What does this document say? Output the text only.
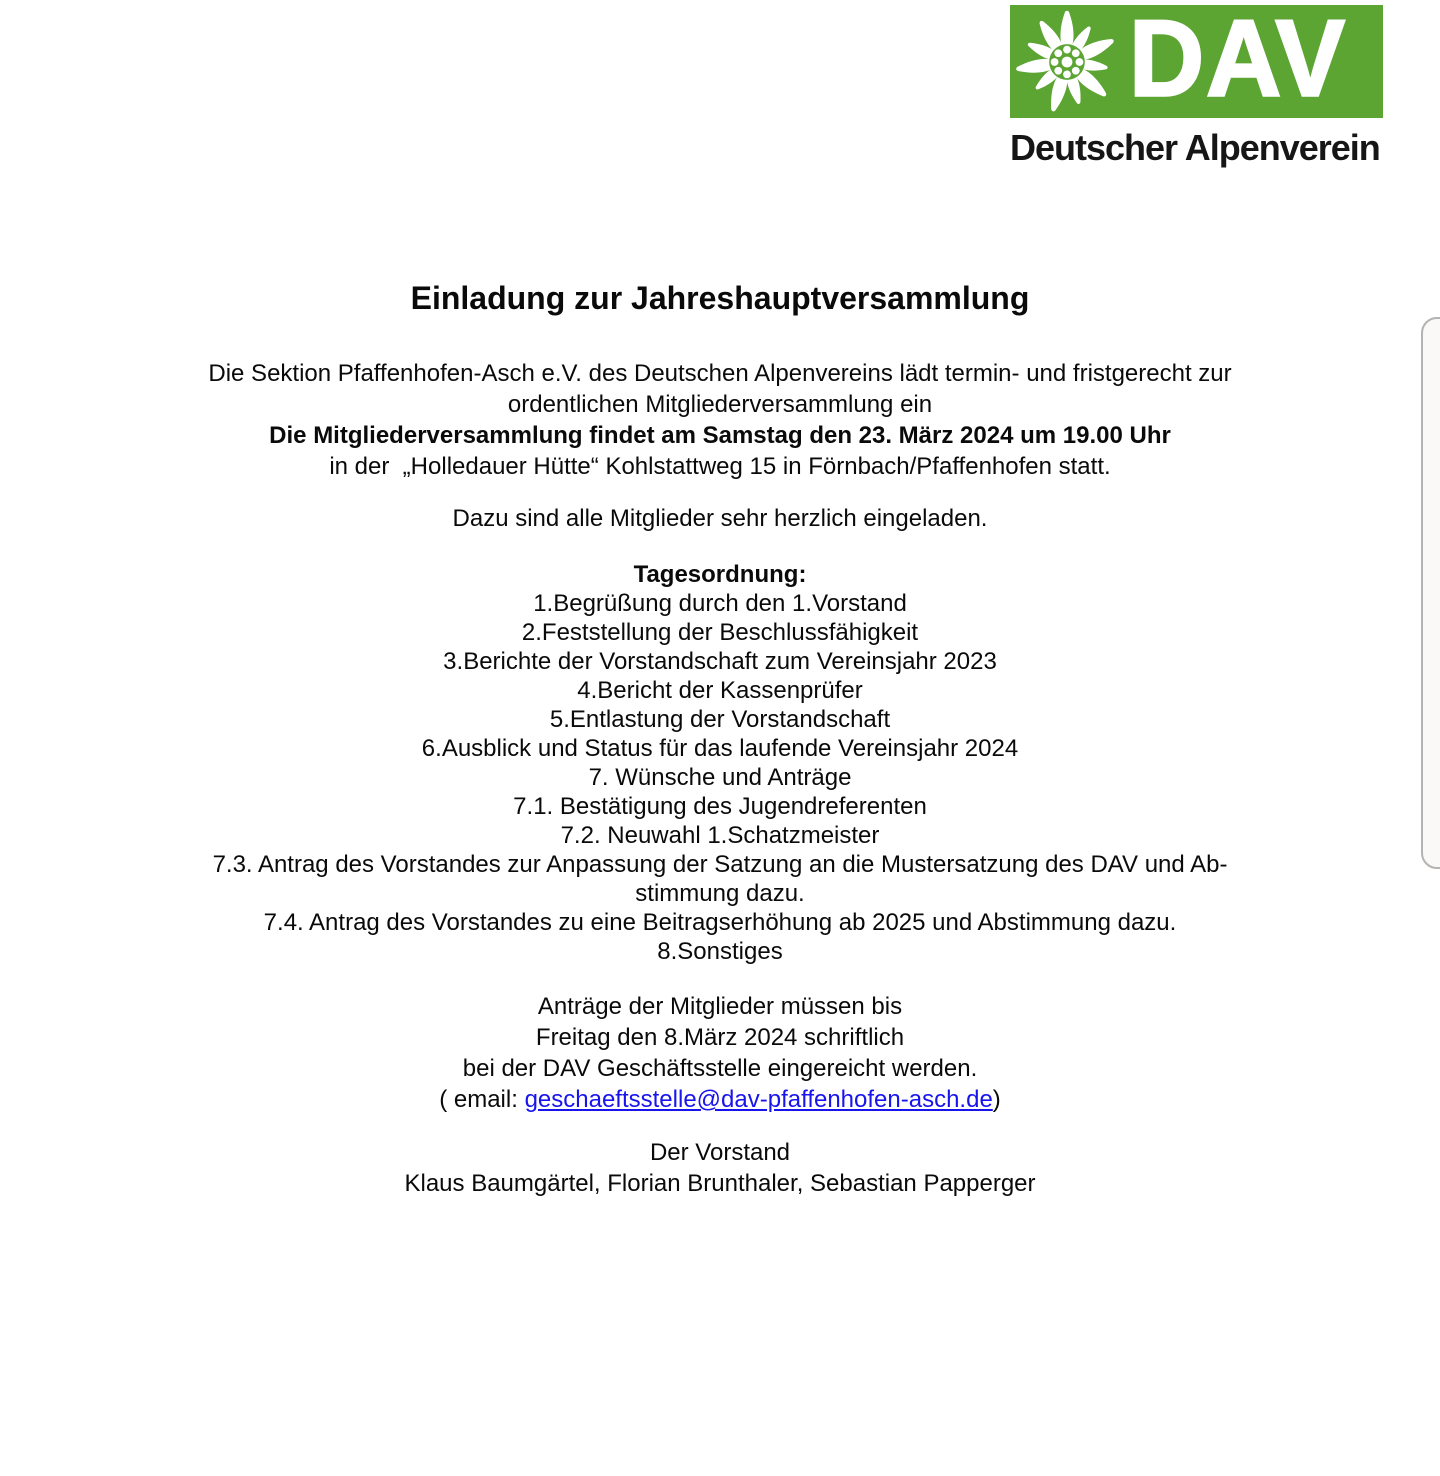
DAV
Deutscher Alpenverein
Einladung zur Jahreshauptversammlung
Die Sektion Pfaffenhofen-Asch e.V. des Deutschen Alpenvereins lädt termin- und fristgerecht zur
ordentlichen Mitgliederversammlung ein
Die Mitgliederversammlung findet am Samstag den 23. März 2024 um 19.00 Uhr
in der  „Holledauer Hütte“ Kohlstattweg 15 in Förnbach/Pfaffenhofen statt.
Dazu sind alle Mitglieder sehr herzlich eingeladen.
Tagesordnung:
1.Begrüßung durch den 1.Vorstand
2.Feststellung der Beschlussfähigkeit
3.Berichte der Vorstandschaft zum Vereinsjahr 2023
4.Bericht der Kassenprüfer
5.Entlastung der Vorstandschaft
6.Ausblick und Status für das laufende Vereinsjahr 2024
7. Wünsche und Anträge
7.1. Bestätigung des Jugendreferenten
7.2. Neuwahl 1.Schatzmeister
7.3. Antrag des Vorstandes zur Anpassung der Satzung an die Mustersatzung des DAV und Ab-
stimmung dazu.
7.4. Antrag des Vorstandes zu eine Beitragserhöhung ab 2025 und Abstimmung dazu.
8.Sonstiges
Anträge der Mitglieder müssen bis
Freitag den 8.März 2024 schriftlich
bei der DAV Geschäftsstelle eingereicht werden.
( email: geschaeftsstelle@dav-pfaffenhofen-asch.de)
Der Vorstand
Klaus Baumgärtel, Florian Brunthaler, Sebastian Papperger
